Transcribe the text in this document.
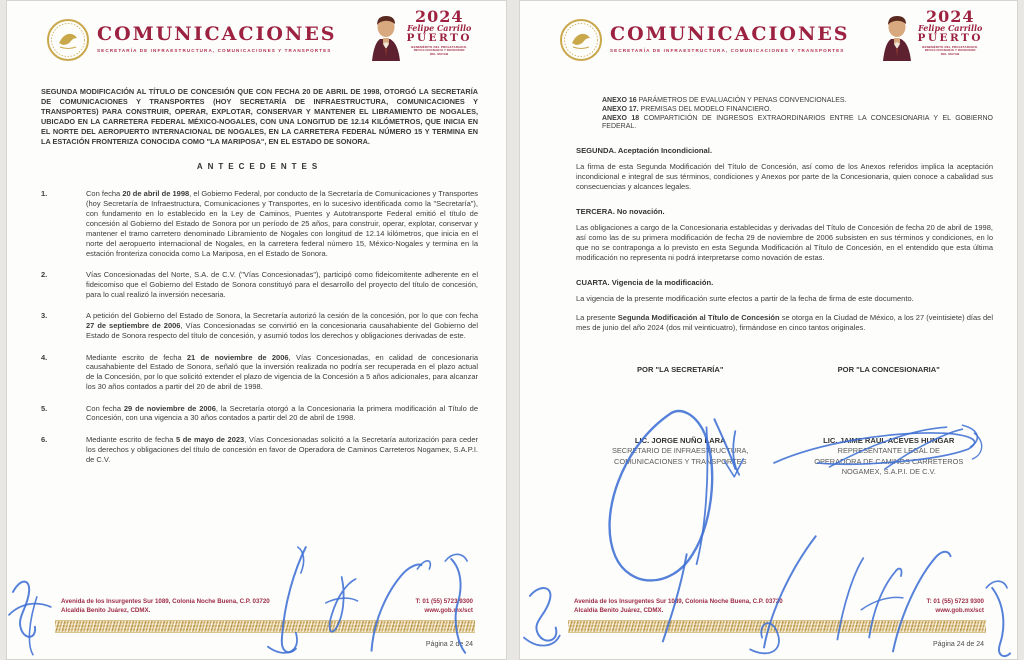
COMUNICACIONES
SECRETARÍA DE INFRAESTRUCTURA, COMUNICACIONES Y TRANSPORTES
2024
Felipe Carrillo
PUERTO
BENEMÉRITO DEL PROLETARIADO,
REVOLUCIONARIO Y DEFENSOR
DEL MAYAB
SEGUNDA MODIFICACIÓN AL TÍTULO DE CONCESIÓN QUE CON FECHA 20 DE ABRIL DE 1998, OTORGÓ LA SECRETARÍA DE COMUNICACIONES Y TRANSPORTES (HOY SECRETARÍA DE INFRAESTRUCTURA, COMUNICACIONES Y TRANSPORTES) PARA CONSTRUIR, OPERAR, EXPLOTAR, CONSERVAR Y MANTENER EL LIBRAMIENTO DE NOGALES, UBICADO EN LA CARRETERA FEDERAL MÉXICO-NOGALES, CON UNA LONGITUD DE 12.14 KILÓMETROS, QUE INICIA EN EL NORTE DEL AEROPUERTO INTERNACIONAL DE NOGALES, EN LA CARRETERA FEDERAL NÚMERO 15 Y TERMINA EN LA ESTACIÓN FRONTERIZA CONOCIDA COMO "LA MARIPOSA", EN EL ESTADO DE SONORA.
ANTECEDENTES
1.	Con fecha 20 de abril de 1998, el Gobierno Federal, por conducto de la Secretaría de Comunicaciones y Transportes (hoy Secretaría de Infraestructura, Comunicaciones y Transportes, en lo sucesivo identificada como la "Secretaría"), con fundamento en lo establecido en la Ley de Caminos, Puentes y Autotransporte Federal emitió el título de concesión al Gobierno del Estado de Sonora por un período de 25 años, para construir, operar, explotar, conservar y mantener el tramo carretero denominado Libramiento de Nogales con longitud de 12.14 kilómetros, que inicia en el norte del aeropuerto internacional de Nogales, en la carretera federal número 15, México-Nogales y termina en la estación fronteriza conocida como La Mariposa, en el Estado de Sonora.

2.	Vías Concesionadas del Norte, S.A. de C.V. ("Vías Concesionadas"), participó como fideicomitente adherente en el fideicomiso que el Gobierno del Estado de Sonora constituyó para el desarrollo del proyecto del título de concesión, para lo cual realizó la inversión necesaria.

3.	A petición del Gobierno del Estado de Sonora, la Secretaría autorizó la cesión de la concesión, por lo que con fecha 27 de septiembre de 2006, Vías Concesionadas se convirtió en la concesionaria causahabiente del Gobierno del Estado de Sonora respecto del título de concesión, y asumió todos los derechos y obligaciones derivadas de este.

4.	Mediante escrito de fecha 21 de noviembre de 2006, Vías Concesionadas, en calidad de concesionaria causahabiente del Estado de Sonora, señaló que la inversión realizada no podría ser recuperada en el plazo actual de la Concesión, por lo que solicitó extender el plazo de vigencia de la Concesión a 5 años adicionales, para alcanzar los 30 años contados a partir del 20 de abril de 1998.

5.	Con fecha 29 de noviembre de 2006, la Secretaría otorgó a la Concesionaria la primera modificación al Título de Concesión, con una vigencia a 30 años contados a partir del 20 de abril de 1998.

6.	Mediante escrito de fecha 5 de mayo de 2023, Vías Concesionadas solicitó a la Secretaría autorización para ceder los derechos y obligaciones del título de concesión en favor de Operadora de Caminos Carreteros Nogamex, S.A.P.I. de C.V.

Avenida de los Insurgentes Sur 1089, Colonia Noche Buena, C.P. 03720
Alcaldía Benito Juárez, CDMX.
T: 01 (55) 5723 9300
www.gob.mx/sct
Página 2 de 24
COMUNICACIONES
SECRETARÍA DE INFRAESTRUCTURA, COMUNICACIONES Y TRANSPORTES
2024
Felipe Carrillo
PUERTO
BENEMÉRITO DEL PROLETARIADO,
REVOLUCIONARIO Y DEFENSOR
DEL MAYAB

ANEXO 16 PARÁMETROS DE EVALUACIÓN Y PENAS CONVENCIONALES.

ANEXO 17. PREMISAS DEL MODELO FINANCIERO.

ANEXO 18 COMPARTICIÓN DE INGRESOS EXTRAORDINARIOS ENTRE LA CONCESIONARIA Y EL GOBIERNO FEDERAL.

SEGUNDA. Aceptación Incondicional.

La firma de esta Segunda Modificación del Título de Concesión, así como de los Anexos referidos implica la aceptación incondicional e integral de sus términos, condiciones y Anexos por parte de la Concesionaria, quien conoce a cabalidad sus consecuencias y alcances legales.

TERCERA. No novación.

Las obligaciones a cargo de la Concesionaria establecidas y derivadas del Título de Concesión de fecha 20 de abril de 1998, así como las de su primera modificación de fecha 29 de noviembre de 2006 subsisten en sus términos y condiciones, en lo que no se contraponga a lo previsto en esta Segunda Modificación al Título de Concesión, en el entendido que esta última modificación no representa ni podrá interpretarse como novación de estas.

CUARTA. Vigencia de la modificación.

La vigencia de la presente modificación surte efectos a partir de la fecha de firma de este documento.

La presente Segunda Modificación al Título de Concesión se otorga en la Ciudad de México, a los 27 (veintisiete) días del mes de junio del año 2024 (dos mil veinticuatro), firmándose en cinco tantos originales.

POR "LA SECRETARÍA"
LIC. JORGE NUÑO LARA
SECRETARIO DE INFRAESTRUCTURA,
COMUNICACIONES Y TRANSPORTES
POR "LA CONCESIONARIA"
LIC. JAIME RAÚL ACEVES HUNGAR
REPRESENTANTE LEGAL DE
OPERADORA DE CAMINOS CARRETEROS
NOGAMEX, S.A.P.I. DE C.V.
Avenida de los Insurgentes Sur 1089, Colonia Noche Buena, C.P. 03720
Alcaldía Benito Juárez, CDMX.
T: 01 (55) 5723 9300
www.gob.mx/sct
Página 24 de 24
